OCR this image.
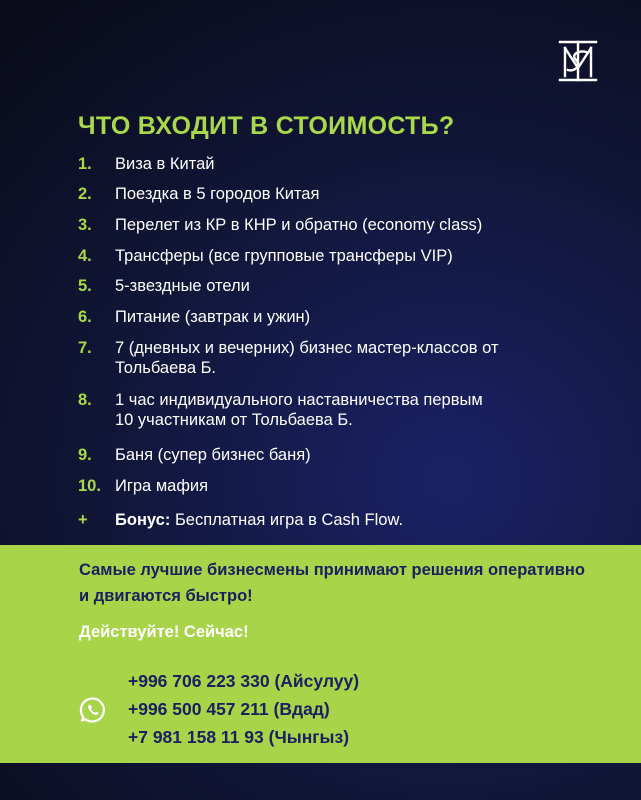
ЧТО ВХОДИТ В СТОИМОСТЬ?
1.	Виза в Китай
2.	Поездка в 5 городов Китая
3.	Перелет из КР в КНР и обратно (economy class)
4.	Трансферы (все групповые трансферы VIP)
5.	5-звездные отели
6.	Питание (завтрак и ужин)
7.	7 (дневных и вечерних) бизнес мастер-классов от Тольбаева Б.
8.	1 час индивидуального наставничества первым 10 участникам от Тольбаева Б.
9.	Баня (супер бизнес баня)
10. Игра мафия
+	Бонус: Бесплатная игра в Cash Flow.

Самые лучшие бизнесмены принимают решения оперативно и двигаются быстро!

Действуйте! Сейчас!

+996 706 223 330 (Айсулуу)
+996 500 457 211 (Вдад)
+7 981 158 11 93 (Чынгыз)
